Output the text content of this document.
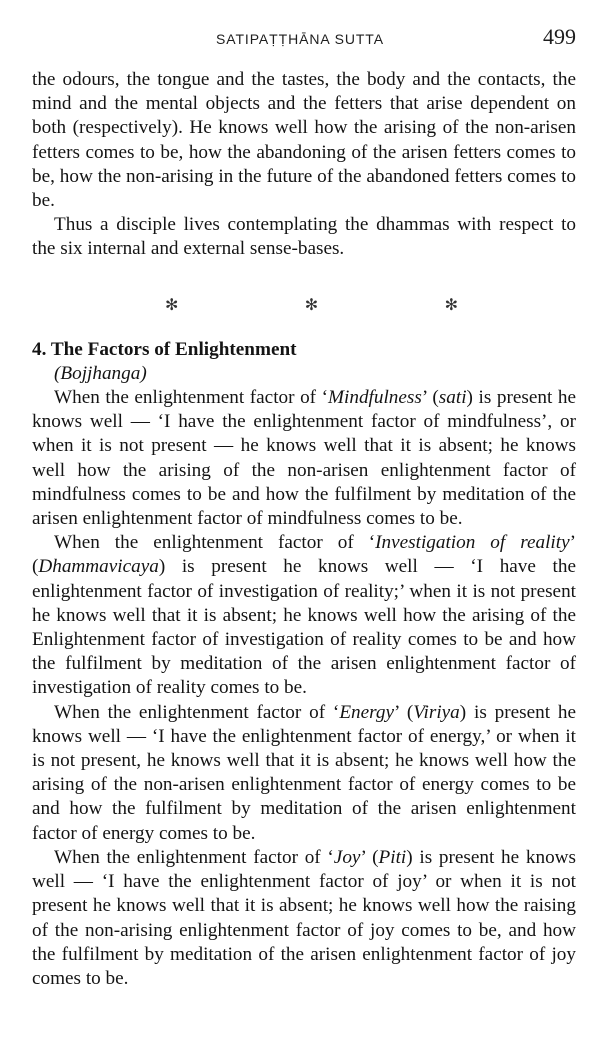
SATIPAṬṬHĀNA SUTTA	499

the odours, the tongue and the tastes, the body and the contacts, the mind and the mental objects and the fetters that arise dependent on both (respectively). He knows well how the arising of the non-arisen fetters comes to be, how the abandoning of the arisen fetters comes to be, how the non-arising in the future of the abandoned fetters comes to be.

Thus a disciple lives contemplating the dhammas with respect to the six internal and external sense-bases.

✻	✻	✻
4. The Factors of Enlightenment

(Bojjhanga)

When the enlightenment factor of ‘Mindfulness’ (sati) is present he knows well — ‘I have the enlightenment factor of mindfulness’, or when it is not present — he knows well that it is absent; he knows well how the arising of the non-arisen enlightenment factor of mindfulness comes to be and how the fulfilment by meditation of the arisen enlightenment factor of mindfulness comes to be.

When the enlightenment factor of ‘Investigation of reality’ (Dhammavicaya) is present he knows well — ‘I have the enlightenment factor of investigation of reality;’ when it is not present he knows well that it is absent; he knows well how the arising of the Enlightenment factor of investigation of reality comes to be and how the fulfilment by meditation of the arisen enlightenment factor of investigation of reality comes to be.

When the enlightenment factor of ‘Energy’ (Viriya) is present he knows well — ‘I have the enlightenment factor of energy,’ or when it is not present, he knows well that it is absent; he knows well how the arising of the non-arisen enlightenment factor of energy comes to be and how the fulfilment by meditation of the arisen enlightenment factor of energy comes to be.

When the enlightenment factor of ‘Joy’ (Piti) is present he knows well — ‘I have the enlightenment factor of joy’ or when it is not present he knows well that it is absent; he knows well how the raising of the non-arising enlightenment factor of joy comes to be, and how the fulfilment by meditation of the arisen enlightenment factor of joy comes to be.
